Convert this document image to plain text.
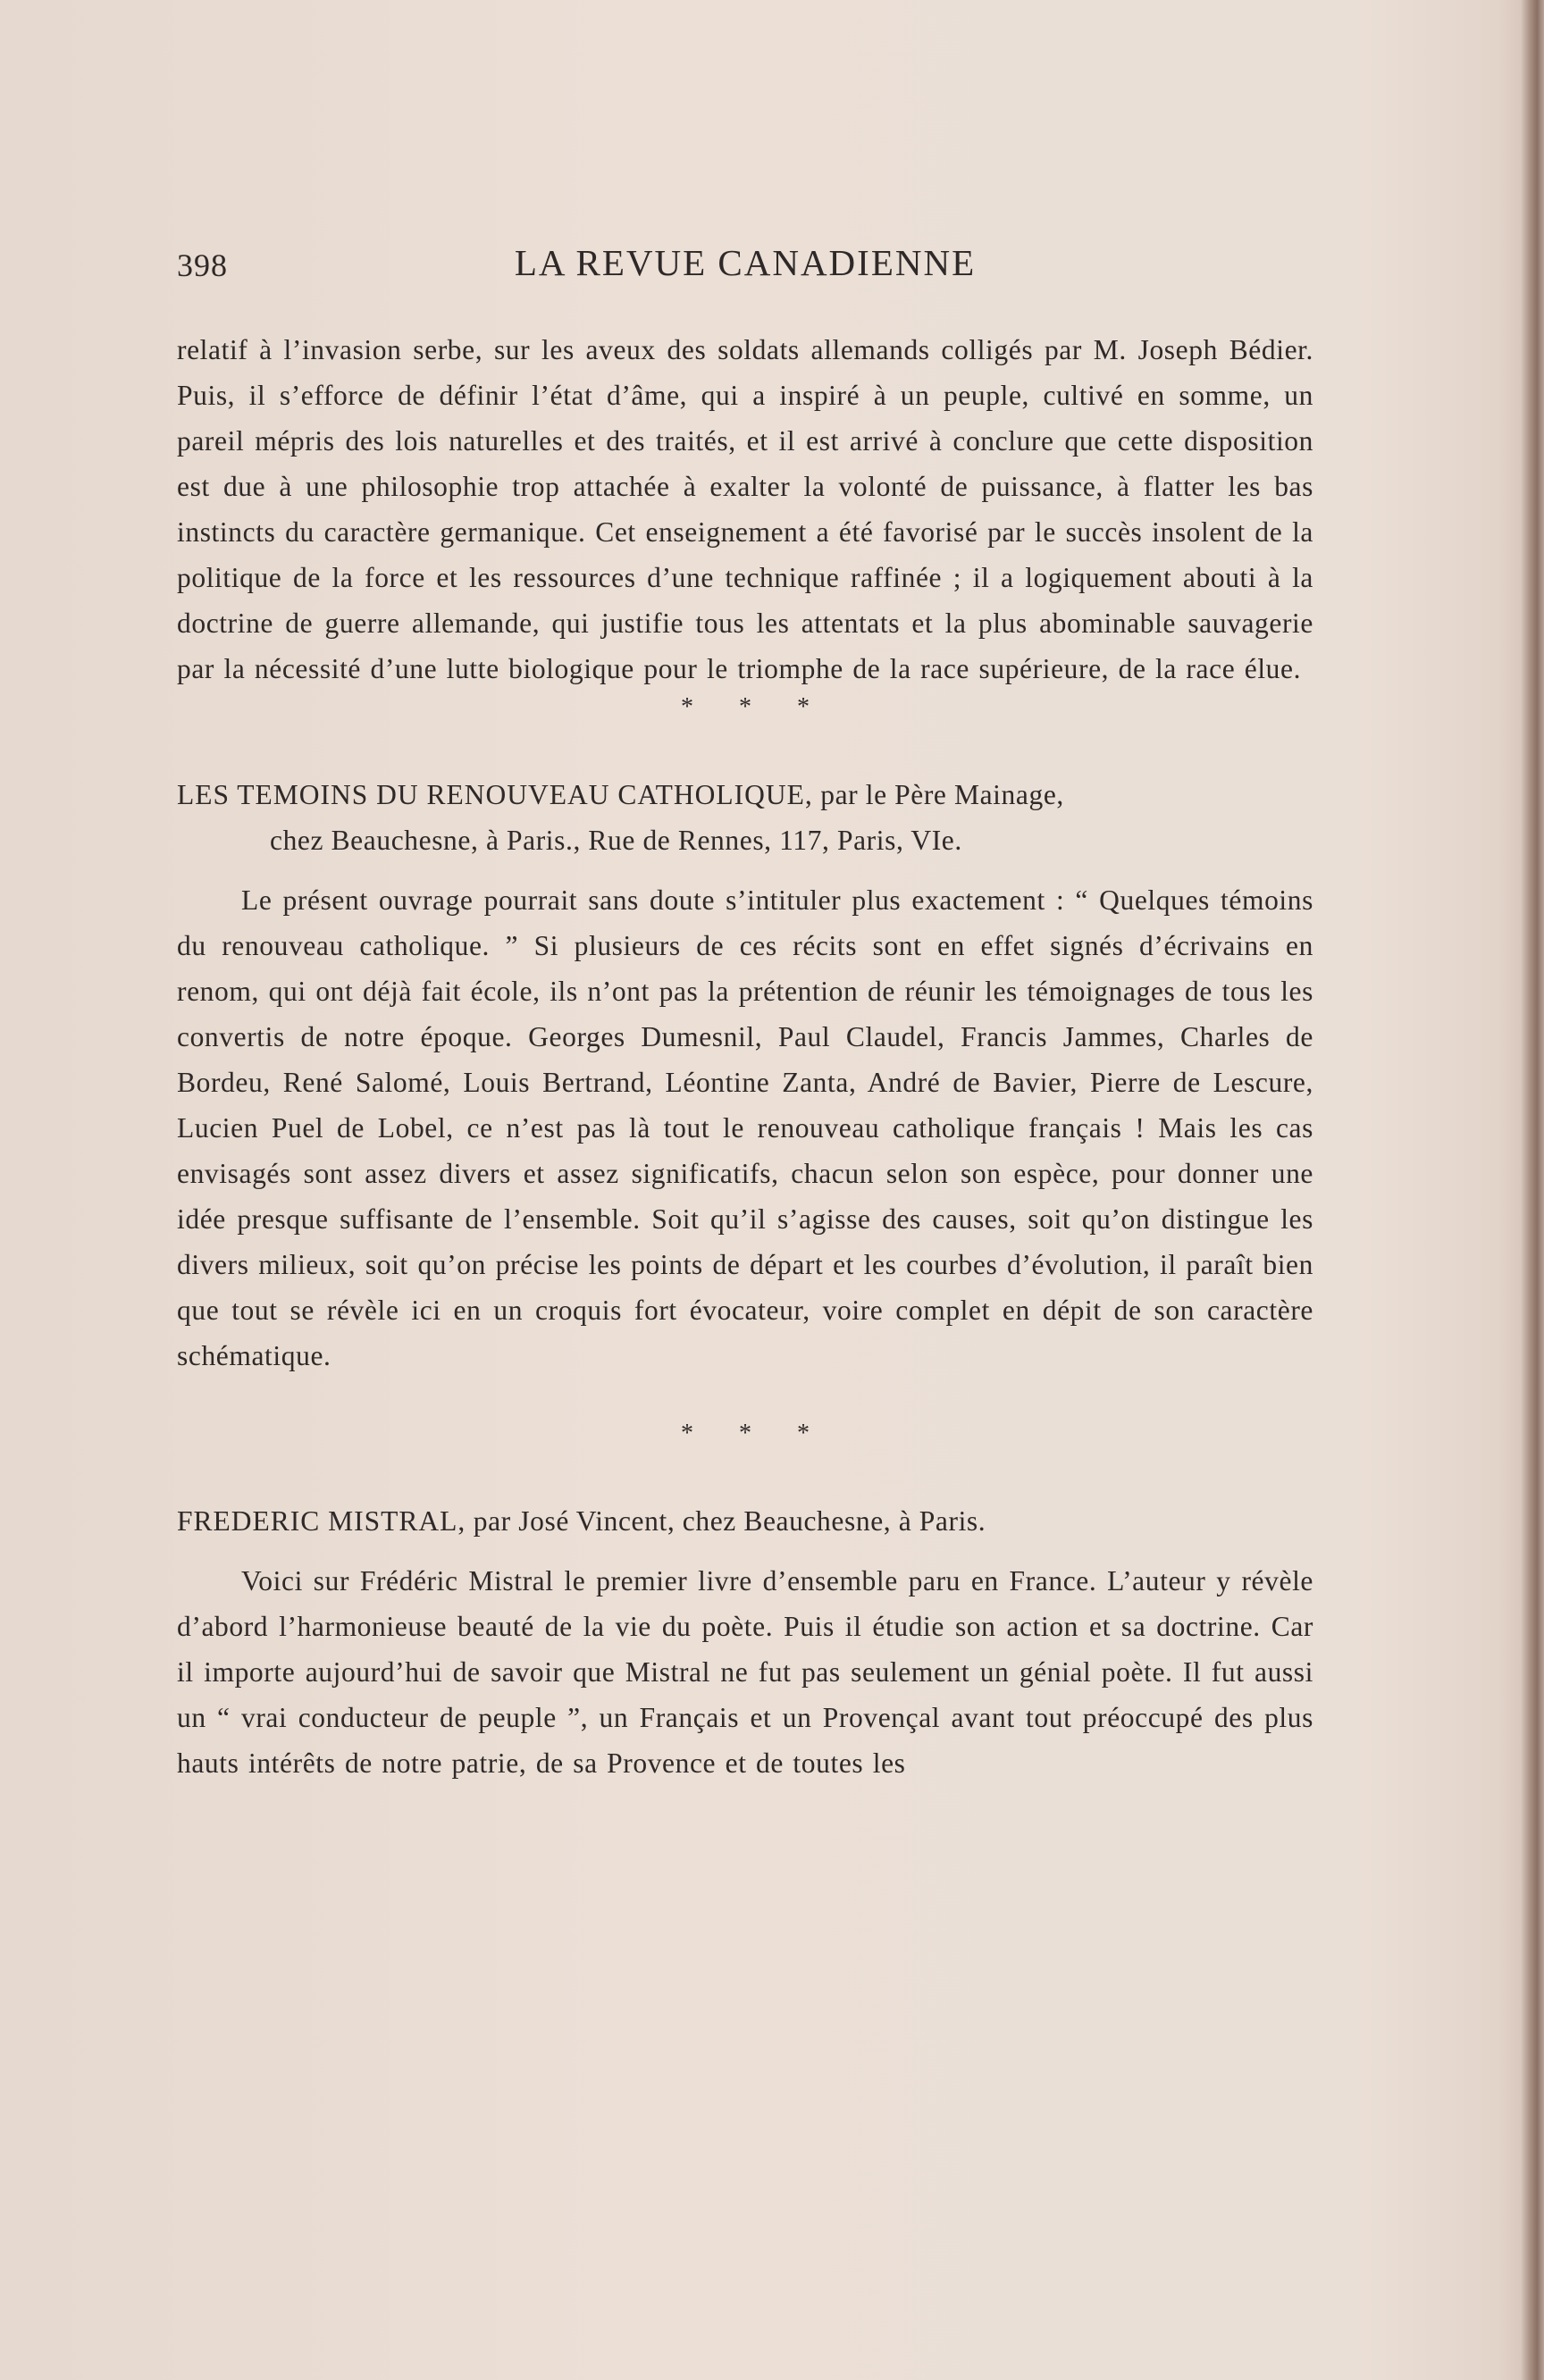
398	LA REVUE CANADIENNE

relatif à l’invasion serbe, sur les aveux des soldats allemands colligés par M. Joseph Bédier. Puis, il s’efforce de définir l’état d’âme, qui a inspiré à un peuple, cultivé en somme, un pareil mépris des lois naturelles et des traités, et il est arrivé à conclure que cette disposition est due à une philosophie trop attachée à exalter la volonté de puissance, à flatter les bas instincts du caractère germanique. Cet enseignement a été favorisé par le succès insolent de la politique de la force et les ressources d’une technique raffinée ; il a logiquement abouti à la doctrine de guerre allemande, qui justifie tous les attentats et la plus abominable sauvagerie par la nécessité d’une lutte biologique pour le triomphe de la race supérieure, de la race élue.

* * *
LES TEMOINS DU RENOUVEAU CATHOLIQUE, par le Père Mainage,
chez Beauchesne, à Paris., Rue de Rennes, 117, Paris, VIe.

Le présent ouvrage pourrait sans doute s’intituler plus exactement : “ Quelques témoins du renouveau catholique. ” Si plusieurs de ces récits sont en effet signés d’écrivains en renom, qui ont déjà fait école, ils n’ont pas la prétention de réunir les témoignages de tous les convertis de notre époque. Georges Dumesnil, Paul Claudel, Francis Jammes, Charles de Bordeu, René Salomé, Louis Bertrand, Léontine Zanta, André de Bavier, Pierre de Lescure, Lucien Puel de Lobel, ce n’est pas là tout le renouveau catholique français ! Mais les cas envisagés sont assez divers et assez significatifs, chacun selon son espèce, pour donner une idée presque suffisante de l’ensemble. Soit qu’il s’agisse des causes, soit qu’on distingue les divers milieux, soit qu’on précise les points de départ et les courbes d’évolution, il paraît bien que tout se révèle ici en un croquis fort évocateur, voire complet en dépit de son caractère schématique.

* * *
FREDERIC MISTRAL, par José Vincent, chez Beauchesne, à Paris.

Voici sur Frédéric Mistral le premier livre d’ensemble paru en France. L’auteur y révèle d’abord l’harmonieuse beauté de la vie du poète. Puis il étudie son action et sa doctrine. Car il importe aujourd’hui de savoir que Mistral ne fut pas seulement un génial poète. Il fut aussi un “ vrai conducteur de peuple ”, un Français et un Provençal avant tout préoccupé des plus hauts intérêts de notre patrie, de sa Provence et de toutes les
